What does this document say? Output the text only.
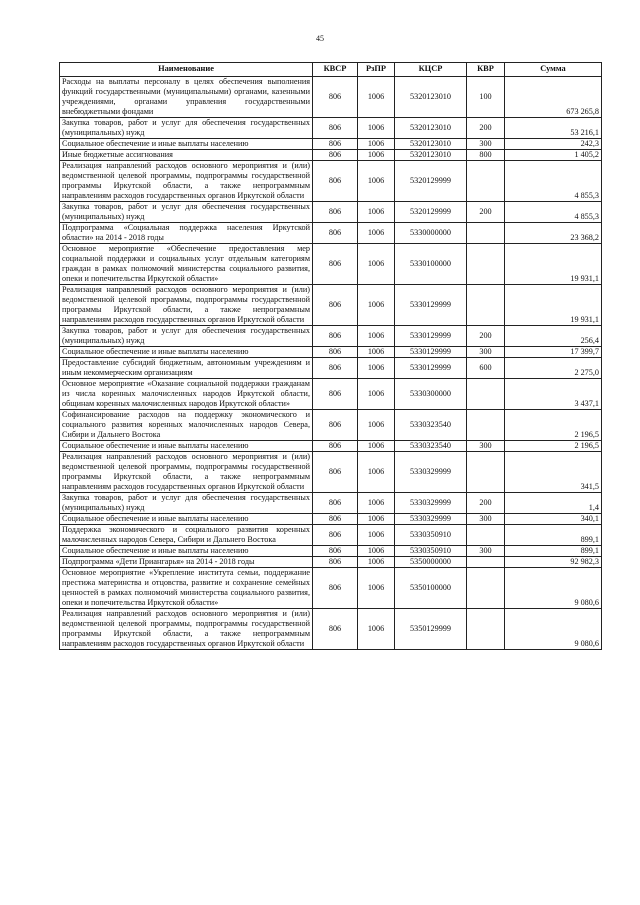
45
Наименование	КВСР	РзПР	КЦСР	КВР	Сумма
Расходы на выплаты персоналу в целях обеспечения выполнения функций государственными (муниципальными) органами, казенными учреждениями, органами управления государственными внебюджетными фондами	806	1006	5320123010	100	673 265,8
Закупка товаров, работ и услуг для обеспечения государственных (муниципальных) нужд	806	1006	5320123010	200	53 216,1
Социальное обеспечение и иные выплаты населению	806	1006	5320123010	300	242,3
Иные бюджетные ассигнования	806	1006	5320123010	800	1 405,2
Реализация направлений расходов основного мероприятия и (или) ведомственной целевой программы, подпрограммы государственной программы Иркутской области, а также непрограммным направлениям расходов государственных органов Иркутской области	806	1006	5320129999		4 855,3
Закупка товаров, работ и услуг для обеспечения государственных (муниципальных) нужд	806	1006	5320129999	200	4 855,3
Подпрограмма «Социальная поддержка населения Иркутской области» на 2014 - 2018 годы	806	1006	5330000000		23 368,2
Основное мероприятие «Обеспечение предоставления мер социальной поддержки и социальных услуг отдельным категориям граждан в рамках полномочий министерства социального развития, опеки и попечительства Иркутской области»	806	1006	5330100000		19 931,1
Реализация направлений расходов основного мероприятия и (или) ведомственной целевой программы, подпрограммы государственной программы Иркутской области, а также непрограммным направлениям расходов государственных органов Иркутской области	806	1006	5330129999		19 931,1
Закупка товаров, работ и услуг для обеспечения государственных (муниципальных) нужд	806	1006	5330129999	200	256,4
Социальное обеспечение и иные выплаты населению	806	1006	5330129999	300	17 399,7
Предоставление субсидий бюджетным, автономным учреждениям и иным некоммерческим организациям	806	1006	5330129999	600	2 275,0
Основное мероприятие «Оказание социальной поддержки гражданам из числа коренных малочисленных народов Иркутской области, общинам коренных малочисленных народов Иркутской области»	806	1006	5330300000		3 437,1
Софинансирование расходов на поддержку экономического и социального развития коренных малочисленных народов Севера, Сибири и Дальнего Востока	806	1006	5330323540		2 196,5
Социальное обеспечение и иные выплаты населению	806	1006	5330323540	300	2 196,5
Реализация направлений расходов основного мероприятия и (или) ведомственной целевой программы, подпрограммы государственной программы Иркутской области, а также непрограммным направлениям расходов государственных органов Иркутской области	806	1006	5330329999		341,5
Закупка товаров, работ и услуг для обеспечения государственных (муниципальных) нужд	806	1006	5330329999	200	1,4
Социальное обеспечение и иные выплаты населению	806	1006	5330329999	300	340,1
Поддержка экономического и социального развития коренных малочисленных народов Севера, Сибири и Дальнего Востока	806	1006	5330350910		899,1
Социальное обеспечение и иные выплаты населению	806	1006	5330350910	300	899,1
Подпрограмма «Дети Приангарья» на 2014 - 2018 годы	806	1006	5350000000		92 982,3
Основное мероприятие «Укрепление института семьи, поддержание престижа материнства и отцовства, развитие и сохранение семейных ценностей в рамках полномочий министерства социального развития, опеки и попечительства Иркутской области»	806	1006	5350100000		9 080,6
Реализация направлений расходов основного мероприятия и (или) ведомственной целевой программы, подпрограммы государственной программы Иркутской области, а также непрограммным направлениям расходов государственных органов Иркутской области	806	1006	5350129999		9 080,6
